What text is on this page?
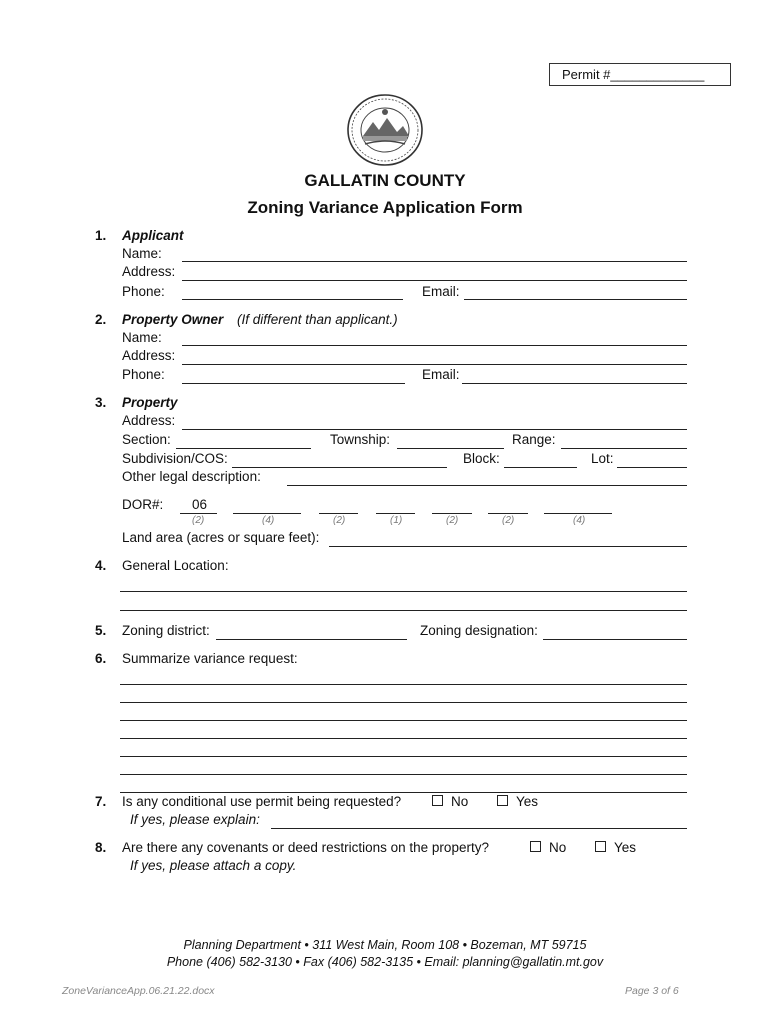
Permit #_____________
GALLATIN COUNTY
Zoning Variance Application Form
1. Applicant
Name:
Address:
Phone:	Email:
2. Property Owner (If different than applicant.)
Name:
Address:
Phone:	Email:
3. Property
Address:
Section:	Township:	Range:
Subdivision/COS:	Block:	Lot:
Other legal description:
DOR#: 06
(2)	(4)	(2)	(1)	(2)	(2)	(4)
Land area (acres or square feet):
4. General Location:
5. Zoning district:	Zoning designation:
6. Summarize variance request:
7. Is any conditional use permit being requested?	No	Yes
If yes, please explain:
8. Are there any covenants or deed restrictions on the property?	No	Yes
If yes, please attach a copy.
Planning Department • 311 West Main, Room 108 • Bozeman, MT 59715
Phone (406) 582-3130 • Fax (406) 582-3135 • Email: planning@gallatin.mt.gov
ZoneVarianceApp.06.21.22.docx	Page 3 of 6
